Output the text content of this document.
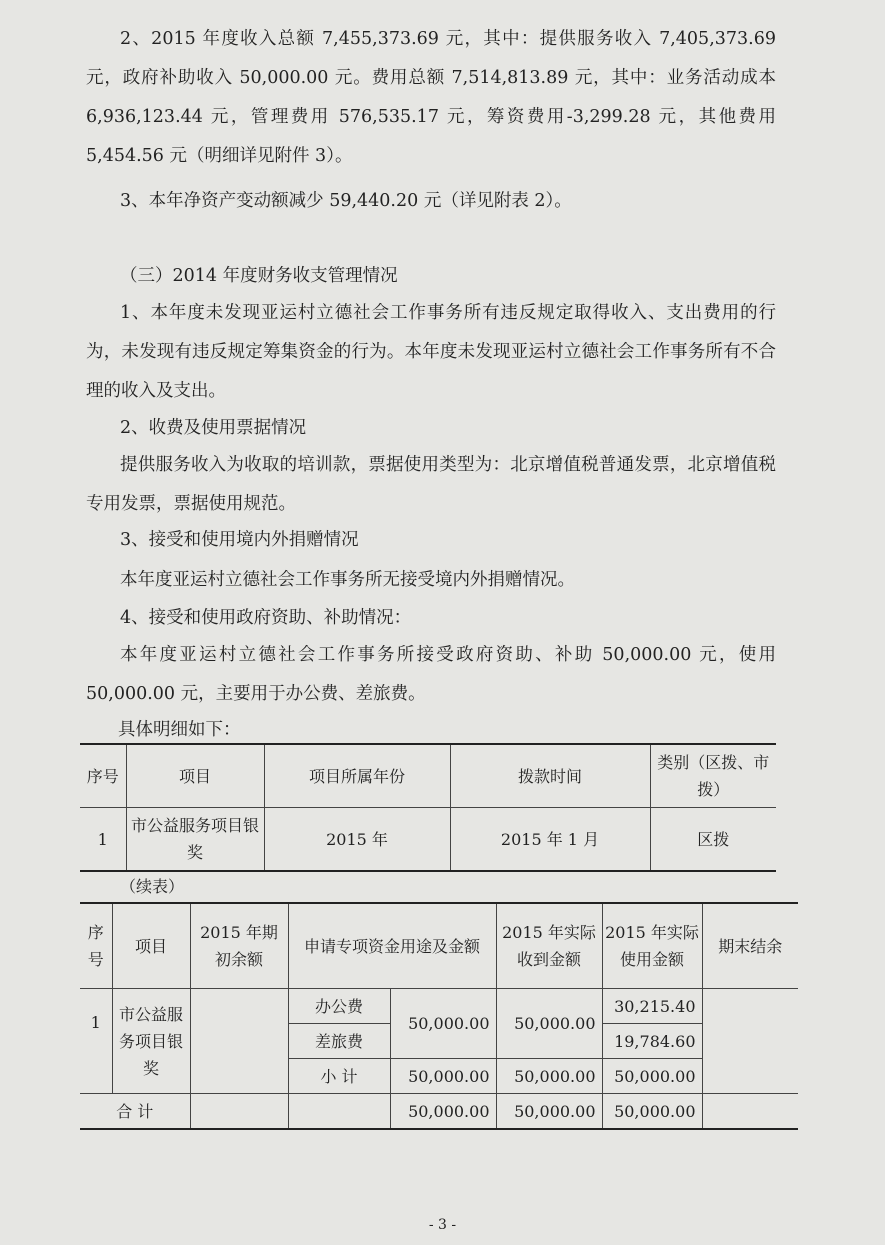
2、2015 年度收入总额 7,455,373.69 元，其中：提供服务收入 7,405,373.69 元，政府补助收入 50,000.00 元。费用总额 7,514,813.89 元，其中：业务活动成本 6,936,123.44 元，管理费用 576,535.17 元，筹资费用-3,299.28 元，其他费用 5,454.56 元（明细详见附件 3）。
3、本年净资产变动额减少 59,440.20 元（详见附表 2）。
（三）2014 年度财务收支管理情况
1、本年度未发现亚运村立德社会工作事务所有违反规定取得收入、支出费用的行为，未发现有违反规定筹集资金的行为。本年度未发现亚运村立德社会工作事务所有不合理的收入及支出。
2、收费及使用票据情况
提供服务收入为收取的培训款，票据使用类型为：北京增值税普通发票，北京增值税专用发票，票据使用规范。
3、接受和使用境内外捐赠情况
本年度亚运村立德社会工作事务所无接受境内外捐赠情况。
4、接受和使用政府资助、补助情况：
本年度亚运村立德社会工作事务所接受政府资助、补助 50,000.00 元，使用 50,000.00 元，主要用于办公费、差旅费。
具体明细如下：
序号	项目	项目所属年份	拨款时间	类别（区拨、市拨）
1	市公益服务项目银奖	2015 年	2015 年 1 月	区拨
（续表）
序号	项目	2015 年期初余额	申请专项资金用途及金额		2015 年实际收到金额	2015 年实际使用金额	期末结余
1	市公益服务项目银奖		办公费	50,000.00	50,000.00	30,215.40	
			差旅费			19,784.60	
			小 计	50,000.00	50,000.00	50,000.00	
合 计				50,000.00	50,000.00	50,000.00	
- 3 -
